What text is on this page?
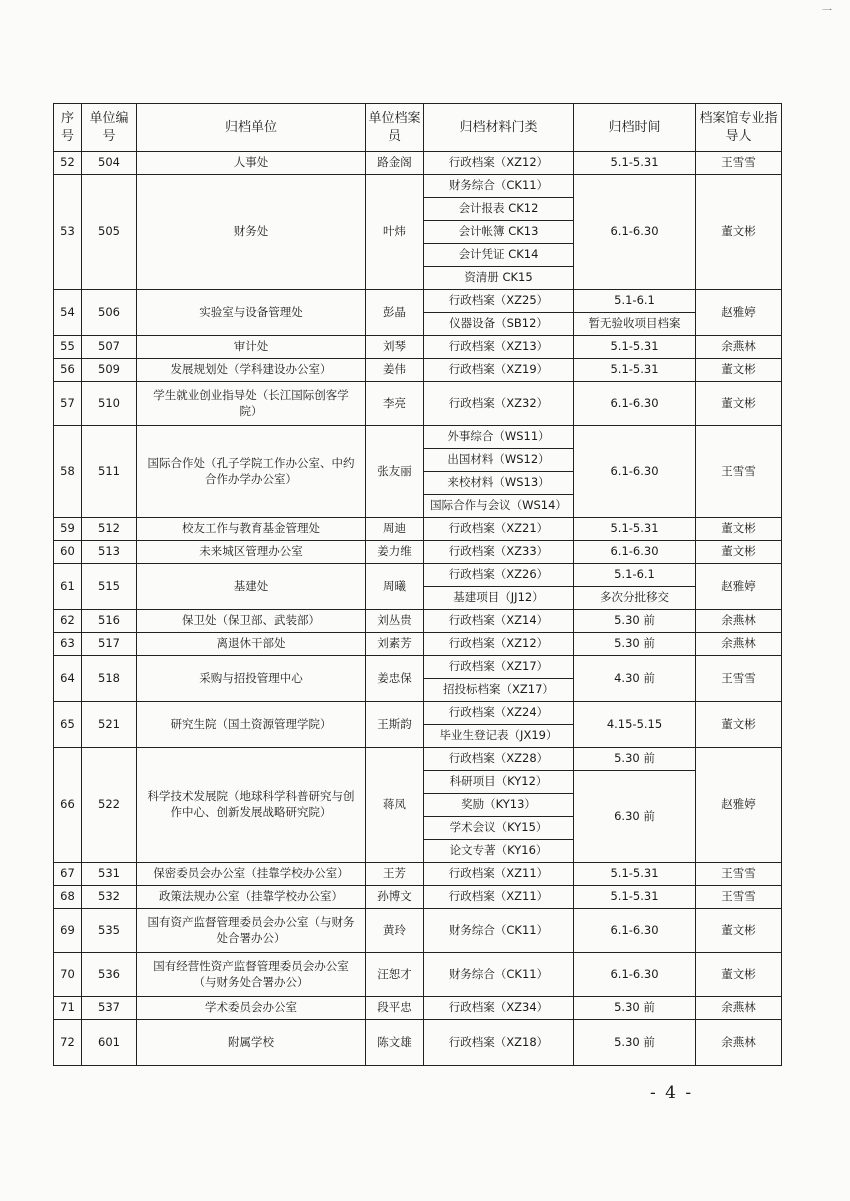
一
序号	单位编号	归档单位	单位档案员	归档材料门类	归档时间	档案馆专业指导人
52	504	人事处	路金阁	行政档案（XZ12）	5.1-5.31	王雪雪
53	505	财务处	叶炜	财务综合（CK11）	6.1-6.30	董文彬
				会计报表 CK12		
				会计帐簿 CK13		
				会计凭证 CK14		
				资清册 CK15		
54	506	实验室与设备管理处	彭晶	行政档案（XZ25）	5.1-6.1	赵雅婷
				仪器设备（SB12）	暂无验收项目档案	
55	507	审计处	刘琴	行政档案（XZ13）	5.1-5.31	余燕林
56	509	发展规划处（学科建设办公室）	姜伟	行政档案（XZ19）	5.1-5.31	董文彬
57	510	学生就业创业指导处（长江国际创客学院）	李亮	行政档案（XZ32）	6.1-6.30	董文彬
58	511	国际合作处（孔子学院工作办公室、中约合作办学办公室）	张友丽	外事综合（WS11）	6.1-6.30	王雪雪
				出国材料（WS12）		
				来校材料（WS13）		
				国际合作与会议（WS14）		
59	512	校友工作与教育基金管理处	周迪	行政档案（XZ21）	5.1-5.31	董文彬
60	513	未来城区管理办公室	姜力维	行政档案（XZ33）	6.1-6.30	董文彬
61	515	基建处	周曦	行政档案（XZ26）	5.1-6.1	赵雅婷
				基建项目（JJ12）	多次分批移交	
62	516	保卫处（保卫部、武装部）	刘丛贵	行政档案（XZ14）	5.30 前	余燕林
63	517	离退休干部处	刘素芳	行政档案（XZ12）	5.30 前	余燕林
64	518	采购与招投管理中心	姜忠保	行政档案（XZ17）	4.30 前	王雪雪
				招投标档案（XZ17）		
65	521	研究生院（国土资源管理学院）	王斯韵	行政档案（XZ24）	4.15-5.15	董文彬
				毕业生登记表（JX19）		
66	522	科学技术发展院（地球科学科普研究与创作中心、创新发展战略研究院）	蒋凤	行政档案（XZ28）	5.30 前	赵雅婷
				科研项目（KY12）	6.30 前	
				奖励（KY13）		
				学术会议（KY15）		
				论文专著（KY16）		
67	531	保密委员会办公室（挂靠学校办公室）	王芳	行政档案（XZ11）	5.1-5.31	王雪雪
68	532	政策法规办公室（挂靠学校办公室）	孙博文	行政档案（XZ11）	5.1-5.31	王雪雪
69	535	国有资产监督管理委员会办公室（与财务处合署办公）	黄玲	财务综合（CK11）	6.1-6.30	董文彬
70	536	国有经营性资产监督管理委员会办公室（与财务处合署办公）	汪恕才	财务综合（CK11）	6.1-6.30	董文彬
71	537	学术委员会办公室	段平忠	行政档案（XZ34）	5.30 前	余燕林
72	601	附属学校	陈文雄	行政档案（XZ18）	5.30 前	余燕林
- 4 -
